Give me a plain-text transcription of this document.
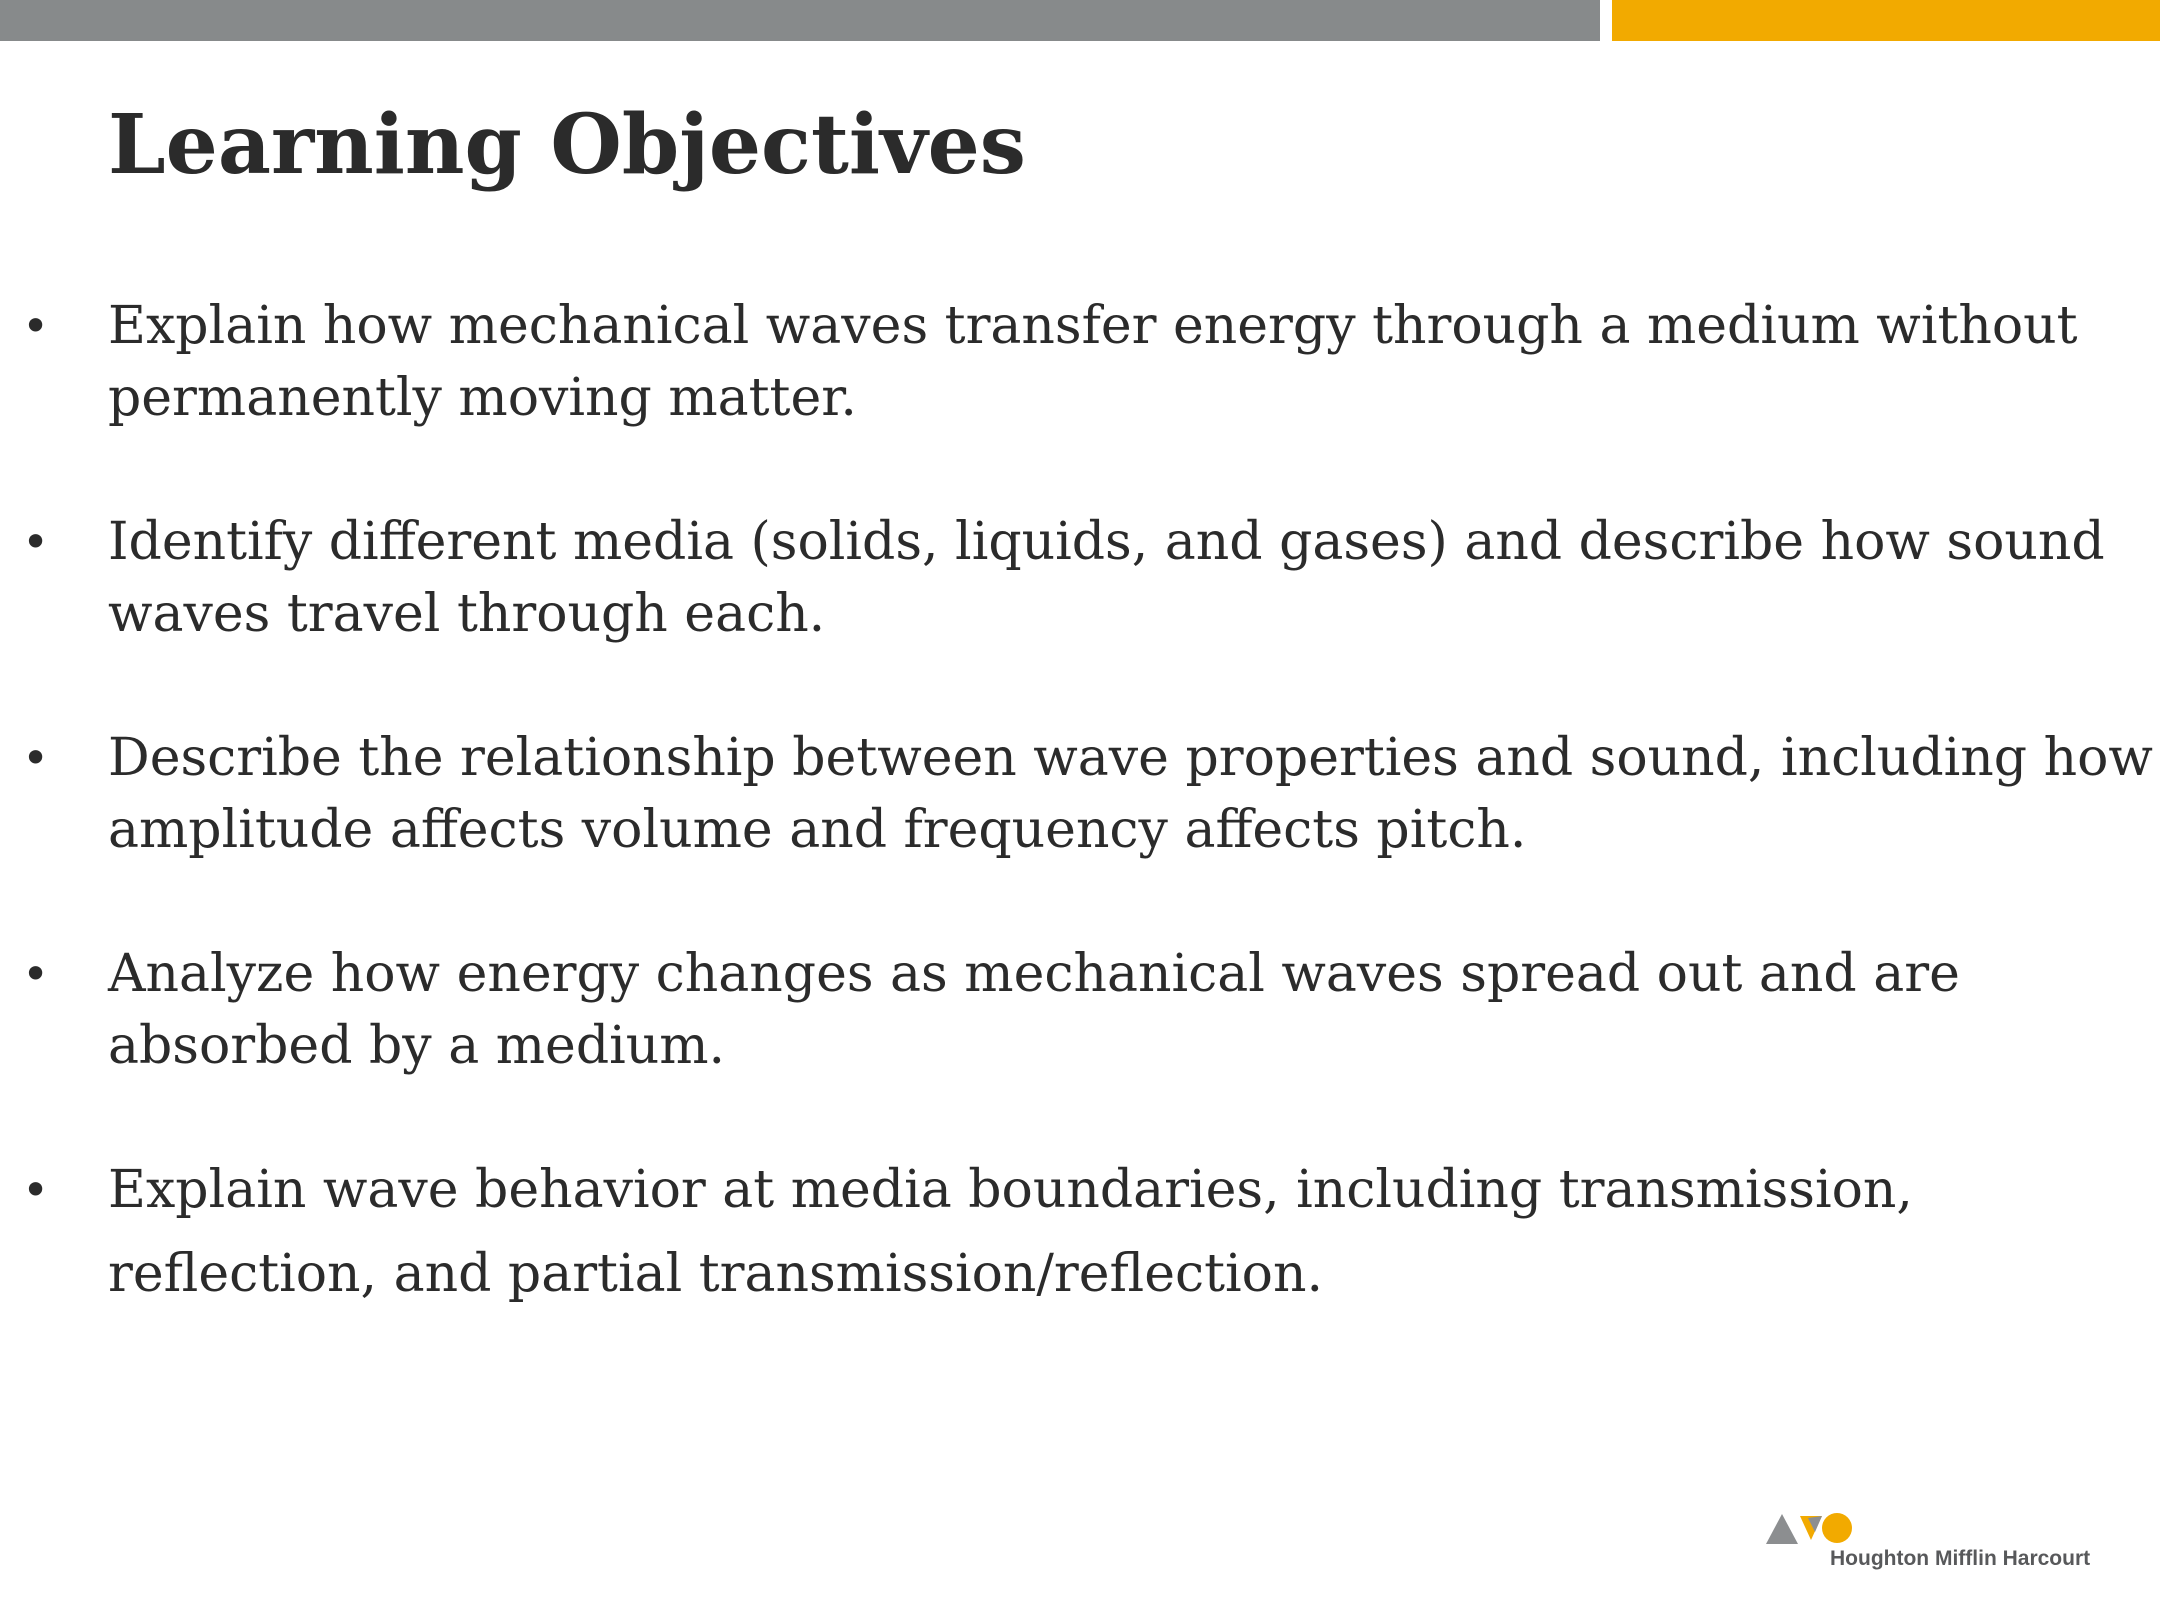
Learning Objectives
• Explain how mechanical waves transfer energy through a medium without permanently moving matter.
• Identify different media (solids, liquids, and gases) and describe how sound waves travel through each.
• Describe the relationship between wave properties and sound, including how amplitude affects volume and frequency affects pitch.
• Analyze how energy changes as mechanical waves spread out and are absorbed by a medium.
• Explain wave behavior at media boundaries, including transmission, reflection, and partial transmission/reflection.
Houghton Mifflin Harcourt
